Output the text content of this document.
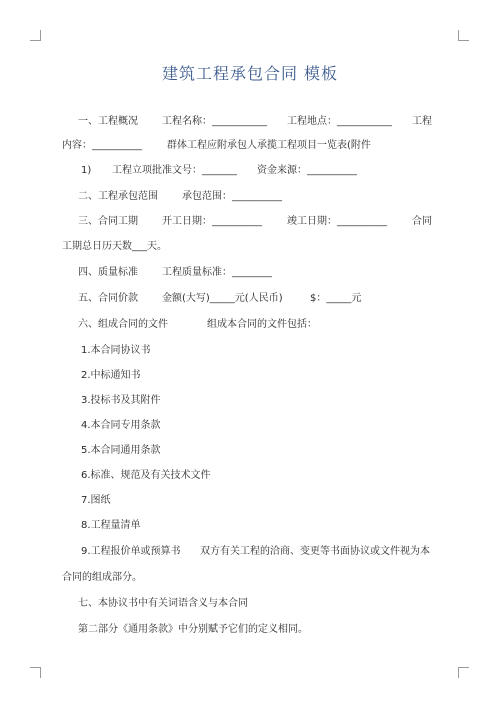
建筑工程承包合同 模板
一、工程概况 工程名称：___________ 工程地点：___________ 工程
内容：__________	群体工程应附承包人承揽工程项目一览表(附件
1) 工程立项批准文号：_______ 资金来源：__________
二、工程承包范围 承包范围：__________
三、合同工期 开工日期：__________	竣工日期：__________	合同
工期总日历天数___天。
四、质量标准 工程质量标准：________
五、合同价款 金额(大写)_____元(人民币)	$：_____元
六、组成合同的文件	组成本合同的文件包括：
1.本合同协议书
2.中标通知书
3.投标书及其附件
4.本合同专用条款
5.本合同通用条款
6.标准、规范及有关技术文件
7.图纸
8.工程量清单
9.工程报价单或预算书 双方有关工程的洽商、变更等书面协议或文件视为本
合同的组成部分。
七、本协议书中有关词语含义与本合同
第二部分《通用条款》中分别赋予它们的定义相同。
